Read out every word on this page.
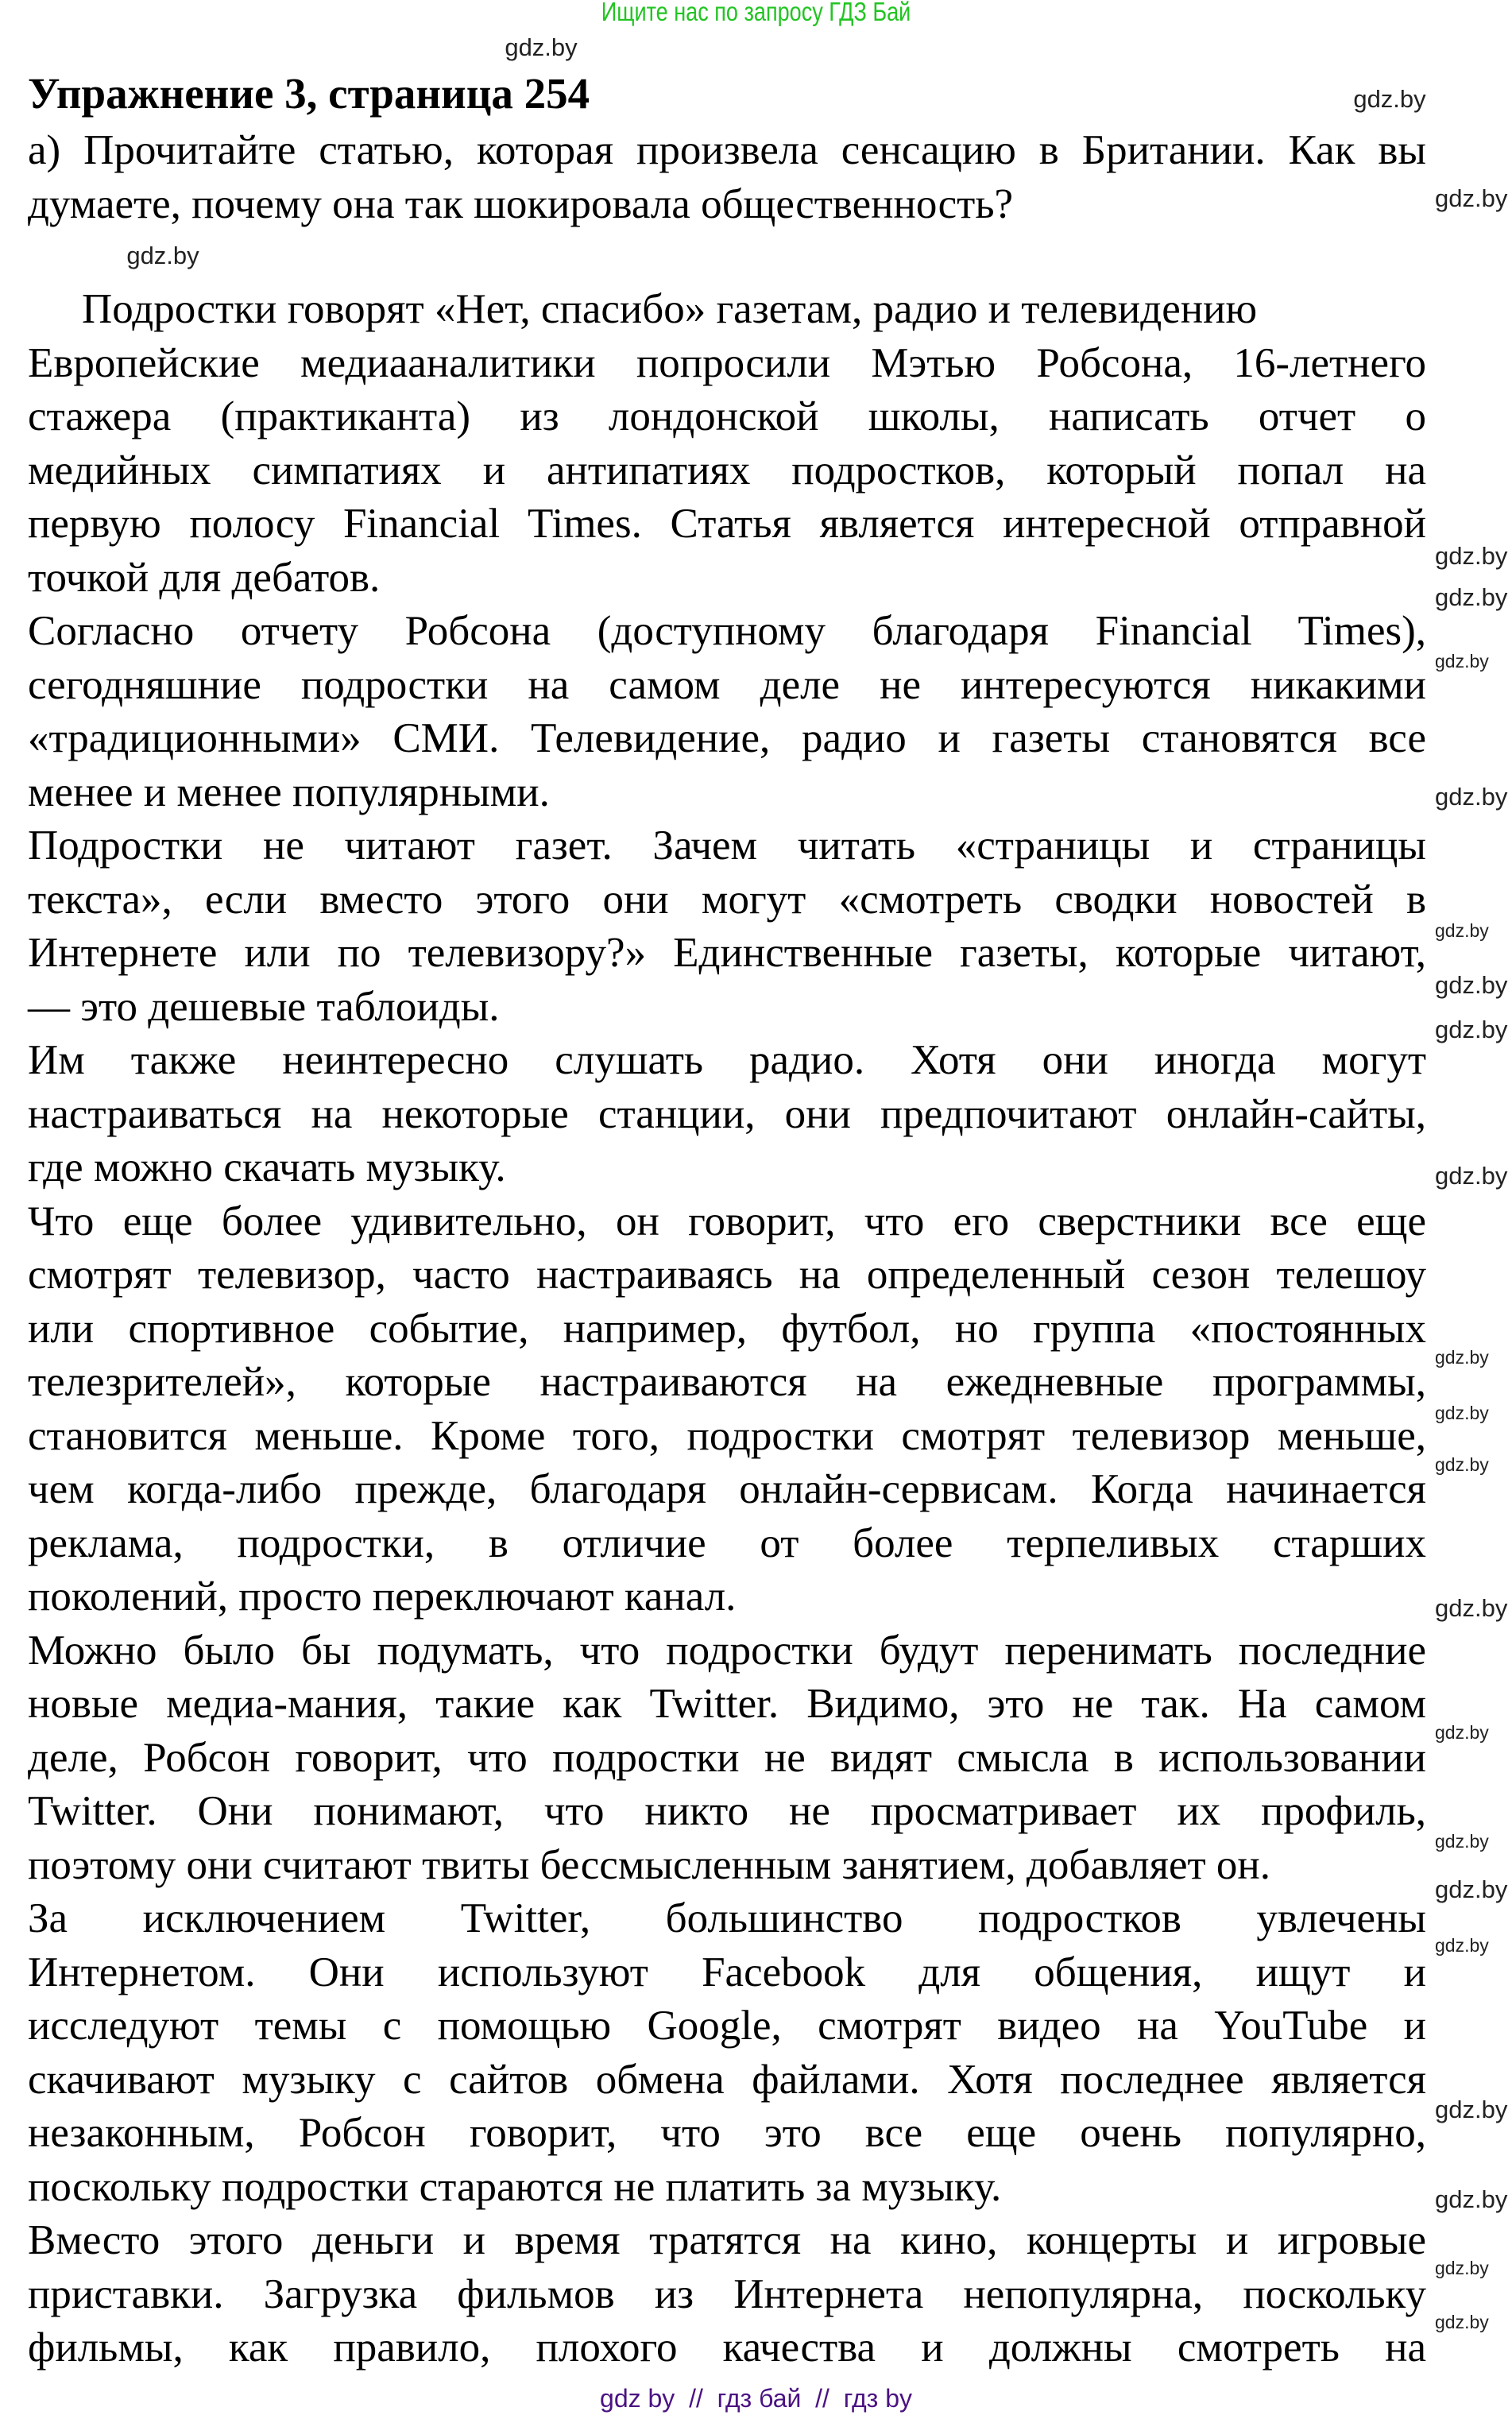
Ищите нас по запросу ГДЗ Бай
Упражнение 3, страница 254
а) Прочитайте статью, которая произвела сенсацию в Британии. Как вы
думаете, почему она так шокировала общественность?
Подростки говорят «Нет, спасибо» газетам, радио и телевидению
Европейские медиааналитики попросили Мэтью Робсона, 16-летнего
стажера (практиканта) из лондонской школы, написать отчет о
медийных симпатиях и антипатиях подростков, который попал на
первую полосу Financial Times. Статья является интересной отправной
точкой для дебатов.
Согласно отчету Робсона (доступному благодаря Financial Times),
сегодняшние подростки на самом деле не интересуются никакими
«традиционными» СМИ. Телевидение, радио и газеты становятся все
менее и менее популярными.
Подростки не читают газет. Зачем читать «страницы и страницы
текста», если вместо этого они могут «смотреть сводки новостей в
Интернете или по телевизору?» Единственные газеты, которые читают,
— это дешевые таблоиды.
Им также неинтересно слушать радио. Хотя они иногда могут
настраиваться на некоторые станции, они предпочитают онлайн-сайты,
где можно скачать музыку.
Что еще более удивительно, он говорит, что его сверстники все еще
смотрят телевизор, часто настраиваясь на определенный сезон телешоу
или спортивное событие, например, футбол, но группа «постоянных
телезрителей», которые настраиваются на ежедневные программы,
становится меньше. Кроме того, подростки смотрят телевизор меньше,
чем когда-либо прежде, благодаря онлайн-сервисам. Когда начинается
реклама, подростки, в отличие от более терпеливых старших
поколений, просто переключают канал.
Можно было бы подумать, что подростки будут перенимать последние
новые медиа-мания, такие как Twitter. Видимо, это не так. На самом
деле, Робсон говорит, что подростки не видят смысла в использовании
Twitter. Они понимают, что никто не просматривает их профиль,
поэтому они считают твиты бессмысленным занятием, добавляет он.
За исключением Twitter, большинство подростков увлечены
Интернетом. Они используют Facebook для общения, ищут и
исследуют темы с помощью Google, смотрят видео на YouTube и
скачивают музыку с сайтов обмена файлами. Хотя последнее является
незаконным, Робсон говорит, что это все еще очень популярно,
поскольку подростки стараются не платить за музыку.
Вместо этого деньги и время тратятся на кино, концерты и игровые
приставки. Загрузка фильмов из Интернета непопулярна, поскольку
фильмы, как правило, плохого качества и должны смотреть на
gdz.by
gdz.by
gdz.by
gdz.by
gdz.by
gdz.by
gdz.by
gdz.by
gdz.by
gdz.by
gdz.by
gdz.by
gdz.by
gdz.by
gdz.by
gdz.by
gdz.by
gdz.by
gdz.by
gdz.by
gdz.by
gdz.by
gdz.by
gdz.by
gdz by  //  гдз бай  //  гдз by
